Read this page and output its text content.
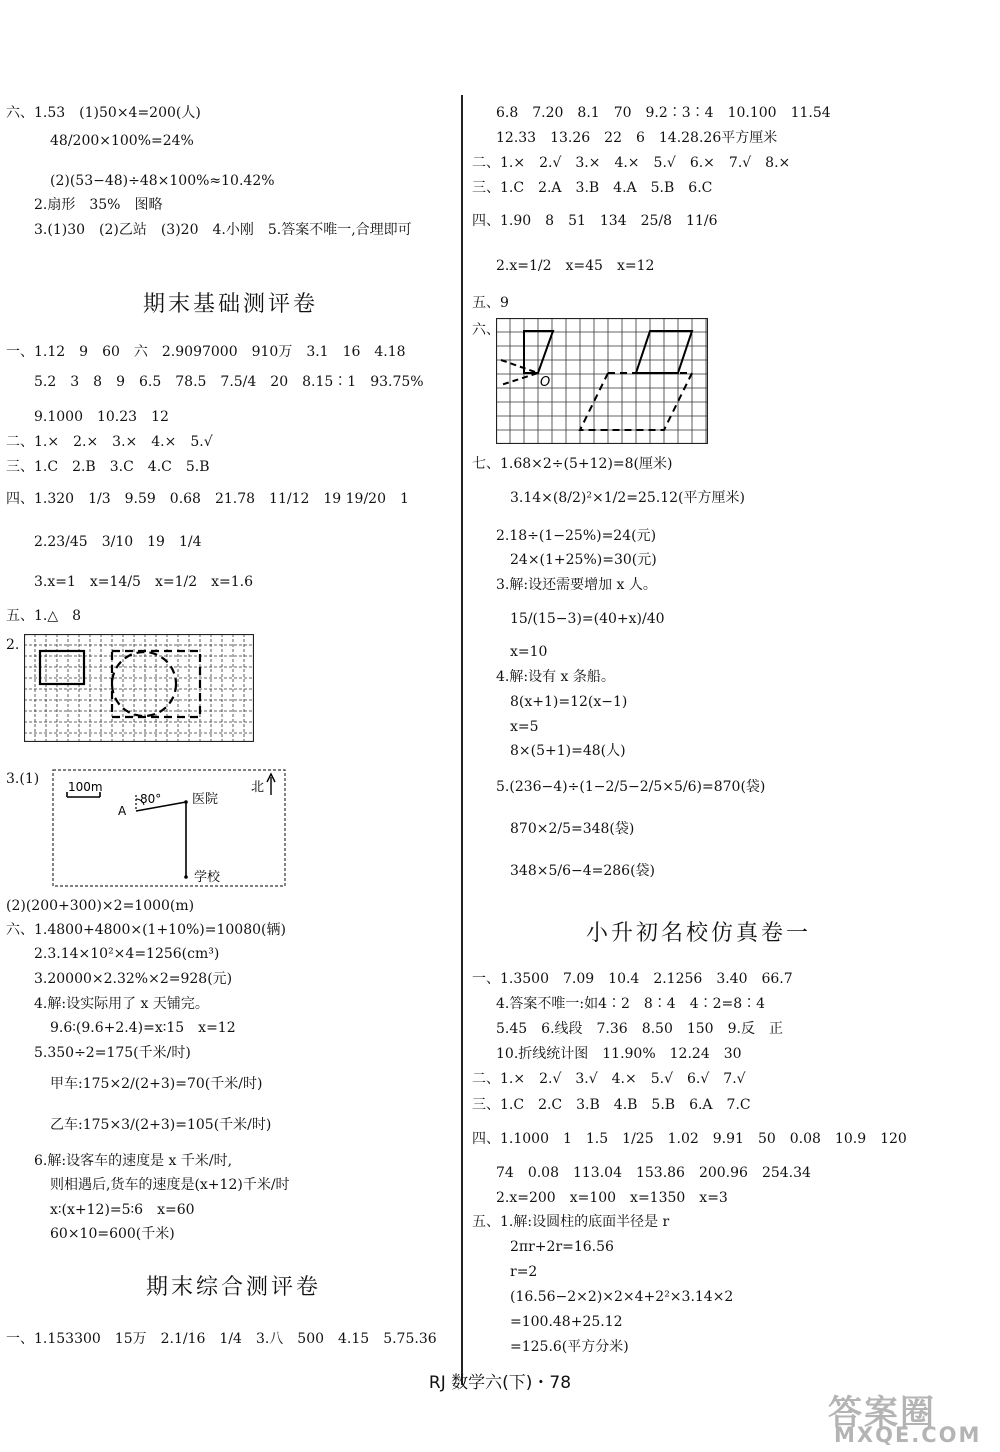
六、1.53　(1)50×4=200(人)
48/200×100%=24%
(2)(53−48)÷48×100%≈10.42%
2.扇形　35%　图略
3.(1)30　(2)乙站　(3)20　4.小刚　5.答案不唯一,合理即可
期末基础测评卷
一、1.12　9　60　六　2.9097000　910万　3.1　16　4.18
5.2　3　8　9　6.5　78.5　7.5/4　20　8.15∶1　93.75%
9.1000　10.23　12
二、1.×　2.×　3.×　4.×　5.√
三、1.C　2.B　3.C　4.C　5.B
四、1.320　1/3　9.59　0.68　21.78　11/12　19 19/20　1
2.23/45　3/10　19　1/4
3.x=1　x=14/5　x=1/2　x=1.6
五、1.△　8
2.
3.(1) 100m
A
80° 医院
学校
北
(2)(200+300)×2=1000(m)
六、1.4800+4800×(1+10%)=10080(辆)
2.3.14×10²×4=1256(cm³)
3.20000×2.32%×2=928(元)
4.解:设实际用了 x 天铺完。
9.6∶(9.6+2.4)=x∶15　x=12
5.350÷2=175(千米/时)
甲车:175×2/(2+3)=70(千米/时)
乙车:175×3/(2+3)=105(千米/时)
6.解:设客车的速度是 x 千米/时,
则相遇后,货车的速度是(x+12)千米/时
x∶(x+12)=5∶6　x=60
60×10=600(千米)
期末综合测评卷
一、1.153300　15万　2.1/16　1/4　3.八　500　4.15　5.75.36
6.8　7.20　8.1　70　9.2∶3∶4　10.100　11.54
12.33　13.26　22　6　14.28.26平方厘米
二、1.×　2.√　3.×　4.×　5.√　6.×　7.√　8.×
三、1.C　2.A　3.B　4.A　5.B　6.C
四、1.90　8　51　134　25/8　11/6
2.x=1/2　x=45　x=12
五、9
六、
O
七、1.68×2÷(5+12)=8(厘米)
3.14×(8/2)²×1/2=25.12(平方厘米)
2.18÷(1−25%)=24(元)
24×(1+25%)=30(元)
3.解:设还需要增加 x 人。
15/(15−3)=(40+x)/40
x=10
4.解:设有 x 条船。
8(x+1)=12(x−1)
x=5
8×(5+1)=48(人)
5.(236−4)÷(1−2/5−2/5×5/6)=870(袋)
870×2/5=348(袋)
348×5/6−4=286(袋)
小升初名校仿真卷一
一、1.3500　7.09　10.4　2.1256　3.40　66.7
4.答案不唯一:如4∶2　8∶4　4∶2=8∶4
5.45　6.线段　7.36　8.50　150　9.反　正
10.折线统计图　11.90%　12.24　30
二、1.×　2.√　3.√　4.×　5.√　6.√　7.√
三、1.C　2.C　3.B　4.B　5.B　6.A　7.C
四、1.1000　1　1.5　1/25　1.02　9.91　50　0.08　10.9　120
74　0.08　113.04　153.86　200.96　254.34
2.x=200　x=100　x=1350　x=3
五、1.解:设圆柱的底面半径是 r
2πr+2r=16.56
r=2
(16.56−2×2)×2×4+2²×3.14×2
=100.48+25.12
=125.6(平方分米)
RJ 数学六(下)・78
答案圈
MXQE.COM
